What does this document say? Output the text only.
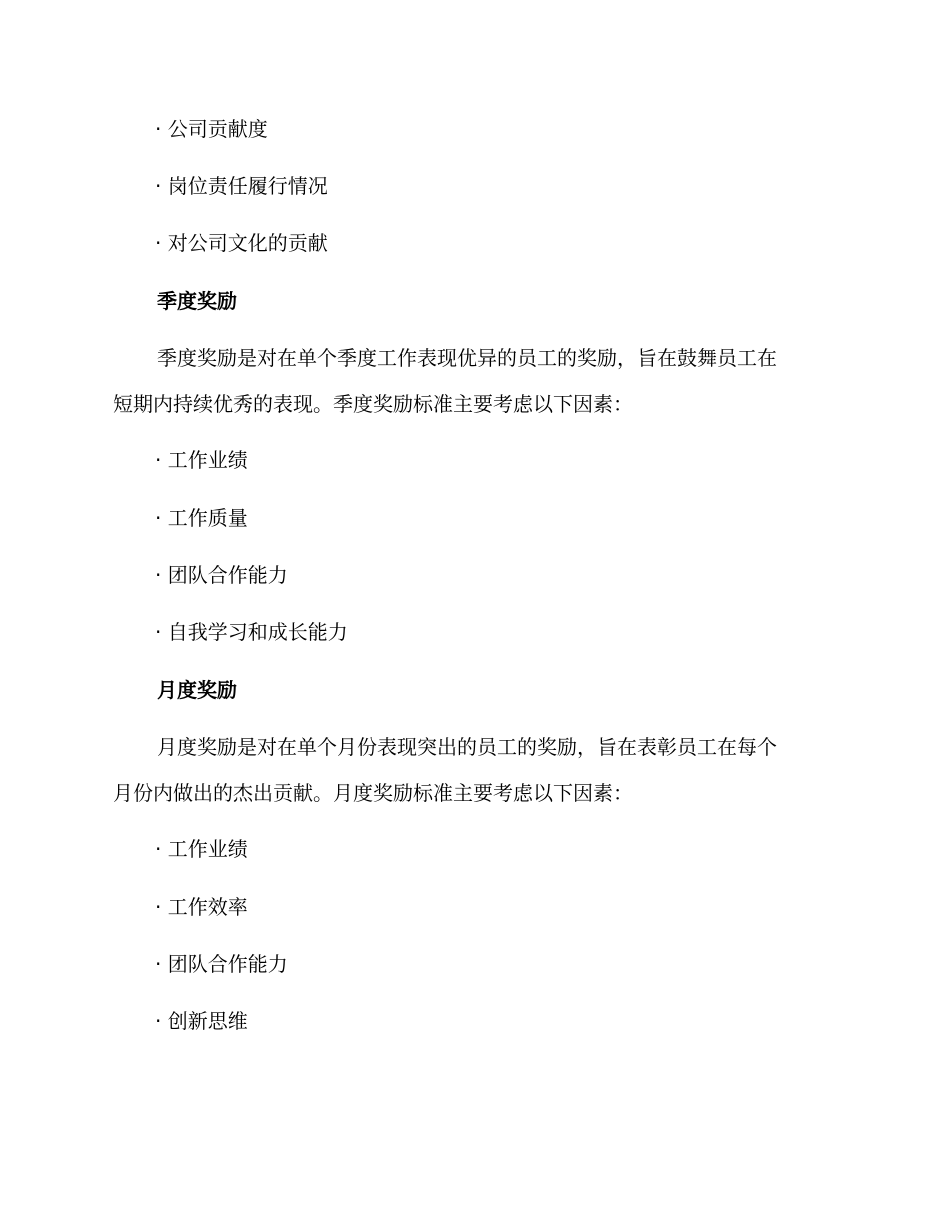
· 公司贡献度
· 岗位责任履行情况
· 对公司文化的贡献
季度奖励
季度奖励是对在单个季度工作表现优异的员工的奖励，旨在鼓舞员工在
短期内持续优秀的表现。季度奖励标准主要考虑以下因素：
· 工作业绩
· 工作质量
· 团队合作能力
· 自我学习和成长能力
月度奖励
月度奖励是对在单个月份表现突出的员工的奖励，旨在表彰员工在每个
月份内做出的杰出贡献。月度奖励标准主要考虑以下因素：
· 工作业绩
· 工作效率
· 团队合作能力
· 创新思维
